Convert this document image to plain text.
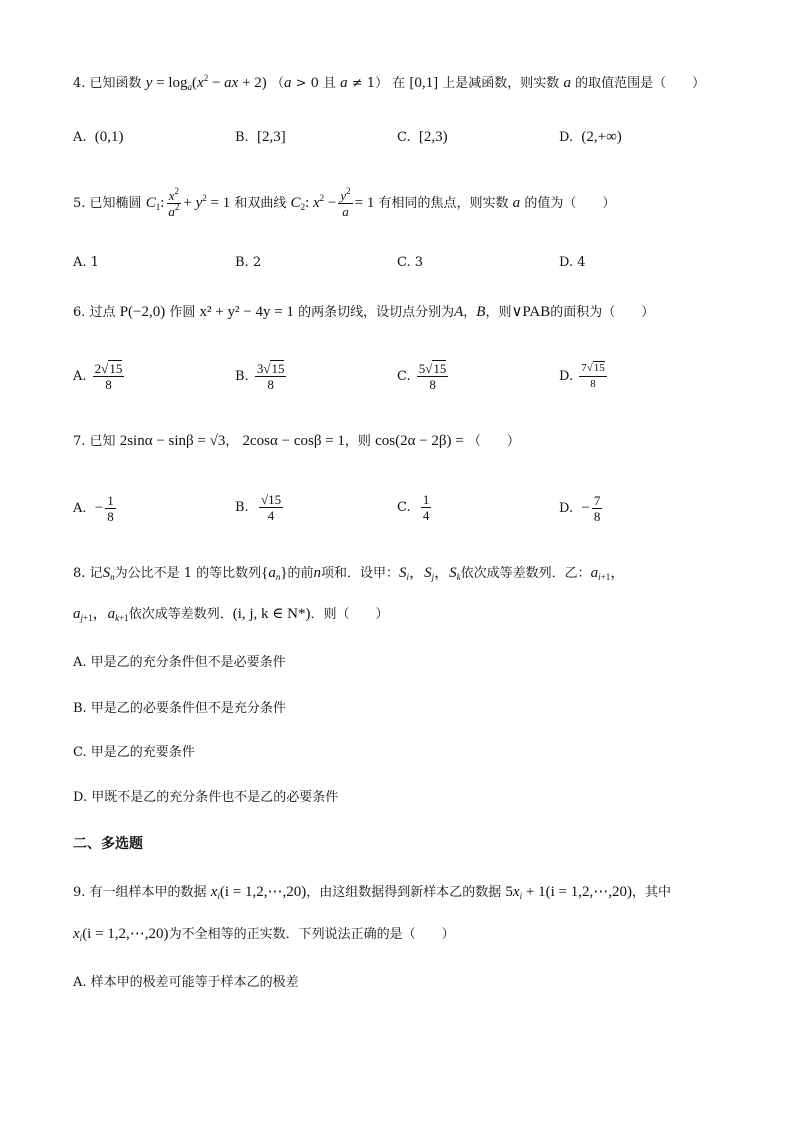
4. 已知函数 $y = \log_a(x^2$ − ax + 2) （a > 0 且 a ≠ 1） 在 [0,1] 上是减函数，则实数 a 的取值范围是（　　）
A. (0,1)	B. [2,3]	C. [2,3)	D. (2,+∞)
5. 已知椭圆 $C_1$: $\frac{x^2}{a^2} + y^2 = 1$ 和双曲线 $C_2$: $x^2 - \frac{y^2}{a} = 1$ 有相同的焦点，则实数 a 的值为（　　）
A. 1	B. 2	C. 3	D. 4
6. 过点 P(−2,0) 作圆 x² + y² − 4y = 1 的两条切线，设切点分别为A，B，则∨PAB的面积为（　　）
A. $\frac{2√15}{8}$	B. $\frac{3√15}{8}$	C. $\frac{5√15}{8}$	D. $\frac{7√15}{8}$
7. 已知 2sinα − sinβ = √3， 2cosα − cosβ = 1，则 cos(2α − 2β) = （　　）
A. − $\frac{1}{8}$	B. $\frac{√15}{4}$	C. $\frac{1}{4}$	D. − $\frac{7}{8}$
8. 记$S_n$为公比不是 1 的等比数列$\{a_n\}$的前n项和．设甲：$S_i$，$S_j$，$S_k$依次成等差数列．乙：$a_{i+1}$，
$a_{j+1}$，$a_{k+1}$依次成等差数列．(i, j, k ∈ N*)．则（　　）
A. 甲是乙的充分条件但不是必要条件
B. 甲是乙的必要条件但不是充分条件
C. 甲是乙的充要条件
D. 甲既不是乙的充分条件也不是乙的必要条件
二、多选题
9. 有一组样本甲的数据 $x_i(i$ = 1,2,⋯,20)，由这组数据得到新样本乙的数据 $5x_i + 1(i$ = 1,2,⋯,20)，其中
$x_i(i$ = 1,2,⋯,20)为不全相等的正实数．下列说法正确的是（　　）
A. 样本甲的极差可能等于样本乙的极差
